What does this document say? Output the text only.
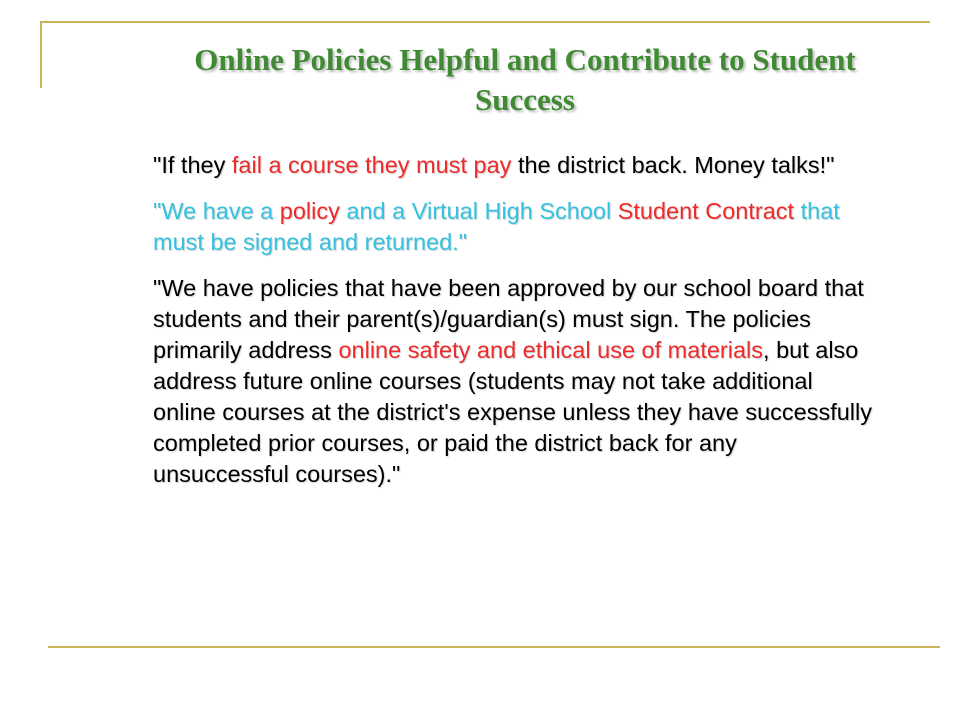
Online Policies Helpful and Contribute to Student Success

"If they fail a course they must pay the district back. Money talks!"

"We have a policy and a Virtual High School Student Contract that must be signed and returned."

"We have policies that have been approved by our school board that students and their parent(s)/guardian(s) must sign. The policies primarily address online safety and ethical use of materials, but also address future online courses (students may not take additional online courses at the district's expense unless they have successfully completed prior courses, or paid the district back for any unsuccessful courses)."
